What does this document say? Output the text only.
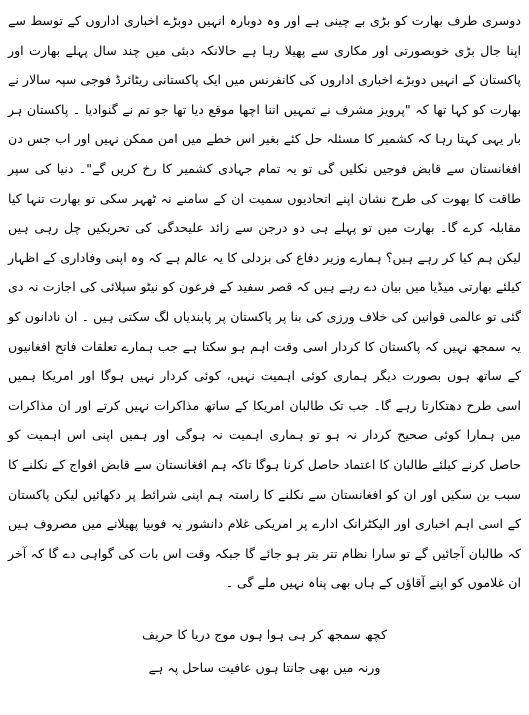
دوسری طرف بھارت کو بڑی بے چینی ہے اور وہ دوبارہ انہیں دوبڑے اخباری اداروں کے توسط سے اپنا جال بڑی خوبصورتی اور مکاری سے پھیلا رہا ہے حالانکہ دبئی میں چند سال پہلے بھارت اور پاکستان کے انہیں دوبڑے اخباری اداروں کی کانفرنس میں ایک پاکستانی ریٹائرڈ فوجی سپہ سالار نے بھارت کو کہا تھا کہ "پرویز مشرف نے تمہیں اتنا اچھا موقع دیا تھا جو تم نے گنوادیا ۔ پاکستان ہر بار یہی کہتا رہا کہ کشمیر کا مسئلہ حل کئے بغیر اس خطے میں امن ممکن نہیں اور اب جس دن افغانستان سے قابض فوجیں نکلیں گی تو یہ تمام جہادی کشمیر کا رخ کریں گے"۔ دنیا کی سپر طاقت کا بھوت کی طرح نشان اپنے اتحادیوں سمیت ان کے سامنے نہ ٹھہر سکی تو بھارت تنہا کیا مقابلہ کرے گا۔ بھارت میں تو پہلے ہی دو درجن سے زائد علیحدگی کی تحریکیں چل رہی ہیں لیکن ہم کیا کر رہے ہیں؟ ہمارے وزیر دفاع کی بزدلی کا یہ عالم ہے کہ وہ اپنی وفاداری کے اظہار کیلئے بھارتی میڈیا میں بیان دے رہے ہیں کہ قصر سفید کے فرعون کو نیٹو سپلائی کی اجازت نہ دی گئی تو عالمی قوانین کی خلاف ورزی کی بنا پر پاکستان پر پابندیاں لگ سکتی ہیں ۔ ان نادانوں کو یہ سمجھ نہیں کہ پاکستان کا کردار اسی وقت اہم ہو سکتا ہے جب ہمارے تعلقات فاتح افغانیوں کے ساتھ ہوں بصورت دیگر ہماری کوئی اہمیت نہیں، کوئی کردار نہیں ہوگا اور امریکا ہمیں اسی طرح دھتکارتا رہے گا۔ جب تک طالبان امریکا کے ساتھ مذاکرات نہیں کرتے اور ان مذاکرات میں ہمارا کوئی صحیح کردار نہ ہو تو ہماری اہمیت نہ ہوگی اور ہمیں اپنی اس اہمیت کو حاصل کرنے کیلئے طالبان کا اعتماد حاصل کرنا ہوگا تاکہ ہم افغانستان سے قابض افواج کے نکلنے کا سبب بن سکیں اور ان کو افغانستان سے نکلنے کا راستہ ہم اپنی شرائط پر دکھائیں لیکن پاکستان کے اسی اہم اخباری اور الیکٹرانک ادارے پر امریکی غلام دانشور یہ فوبیا پھیلانے میں مصروف ہیں کہ طالبان آجائیں گے تو سارا نظام تتر بتر ہو جائے گا جبکہ وقت اس بات کی گواہی دے گا کہ آخر ان غلاموں کو اپنے آقاؤں کے ہاں بھی پناہ نہیں ملے گی ۔

کچھ سمجھ کر ہی ہوا ہوں موج دریا کا حریف
ورنہ میں بھی جانتا ہوں عافیت ساحل پہ ہے
